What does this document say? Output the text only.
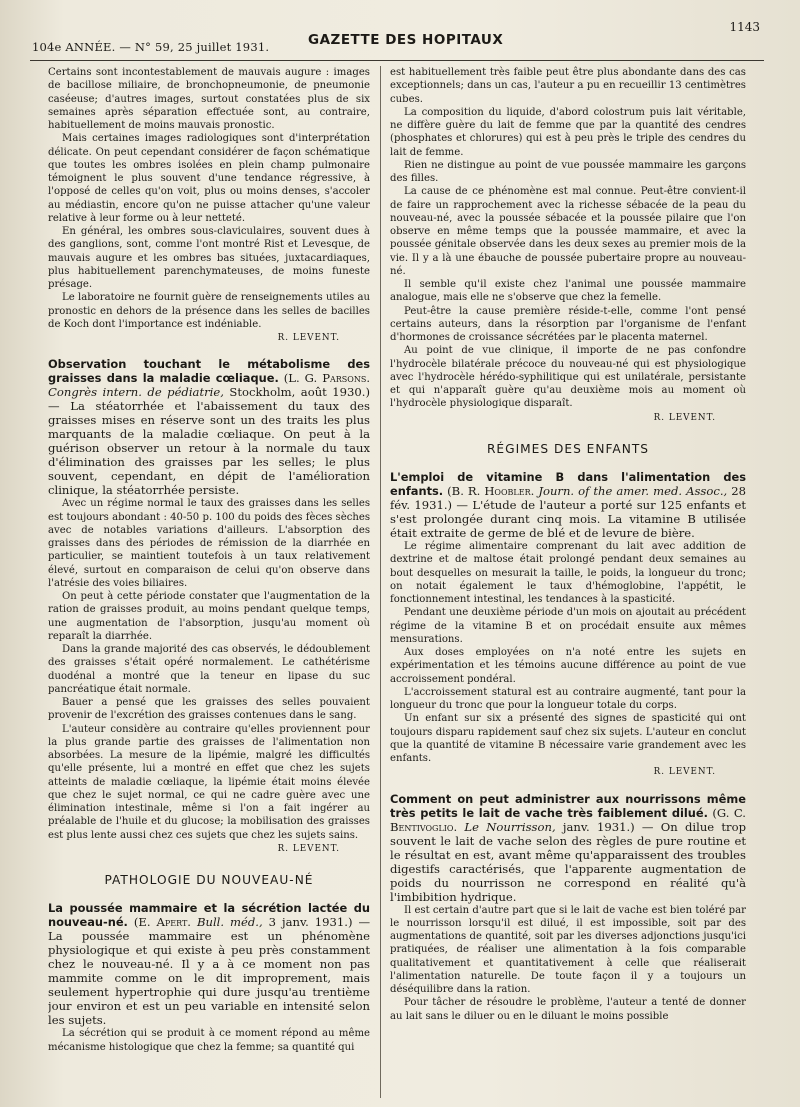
104e ANNÉE. — N° 59, 25 juillet 1931.	GAZETTE DES HOPITAUX
1143

Certains sont incontestablement de mauvais augure : images de bacillose miliaire, de bronchopneumonie, de pneumonie caséeuse; d'autres images, surtout constatées plus de six semaines après séparation effectuée sont, au contraire, habituellement de moins mauvais pronostic.

Mais certaines images radiologiques sont d'interprétation délicate. On peut cependant considérer de façon schématique que toutes les ombres isolées en plein champ pulmonaire témoignent le plus souvent d'une tendance régressive, à l'opposé de celles qu'on voit, plus ou moins denses, s'accoler au médiastin, encore qu'on ne puisse attacher qu'une valeur relative à leur forme ou à leur netteté.

En général, les ombres sous-claviculaires, souvent dues à des ganglions, sont, comme l'ont montré Rist et Levesque, de mauvais augure et les ombres bas situées, juxtacardiaques, plus habituellement parenchymateuses, de moins funeste présage.

Le laboratoire ne fournit guère de renseignements utiles au pronostic en dehors de la présence dans les selles de bacilles de Koch dont l'importance est indéniable.

R. LEVENT.

Observation touchant le métabolisme des graisses dans la maladie cœliaque. (L. G. Parsons. Congrès intern. de pédiatrie, Stockholm, août 1930.) — La stéatorrhée et l'abaissement du taux des graisses mises en réserve sont un des traits les plus marquants de la maladie cœliaque. On peut à la guérison observer un retour à la normale du taux d'élimination des graisses par les selles; le plus souvent, cependant, en dépit de l'amélioration clinique, la stéatorrhée persiste.

Avec un régime normal le taux des graisses dans les selles est toujours abondant : 40-50 p. 100 du poids des fèces sèches avec de notables variations d'ailleurs. L'absorption des graisses dans des périodes de rémission de la diarrhée en particulier, se maintient toutefois à un taux relativement élevé, surtout en comparaison de celui qu'on observe dans l'atrésie des voies biliaires.

On peut à cette période constater que l'augmentation de la ration de graisses produit, au moins pendant quelque temps, une augmentation de l'absorption, jusqu'au moment où reparaît la diarrhée.

Dans la grande majorité des cas observés, le dédoublement des graisses s'était opéré normalement. Le cathétérisme duodénal a montré que la teneur en lipase du suc pancréatique était normale.

Bauer a pensé que les graisses des selles pouvaient provenir de l'excrétion des graisses contenues dans le sang.

L'auteur considère au contraire qu'elles proviennent pour la plus grande partie des graisses de l'alimentation non absorbées. La mesure de la lipémie, malgré les difficultés qu'elle présente, lui a montré en effet que chez les sujets atteints de maladie cœliaque, la lipémie était moins élevée que chez le sujet normal, ce qui ne cadre guère avec une élimination intestinale, même si l'on a fait ingérer au préalable de l'huile et du glucose; la mobilisation des graisses est plus lente aussi chez ces sujets que chez les sujets sains.

R. LEVENT.
PATHOLOGIE DU NOUVEAU-NÉ

La poussée mammaire et la sécrétion lactée du nouveau-né. (E. Apert. Bull. méd., 3 janv. 1931.) — La poussée mammaire est un phénomène physiologique et qui existe à peu près constamment chez le nouveau-né. Il y a à ce moment non pas mammite comme on le dit improprement, mais seulement hypertrophie qui dure jusqu'au trentième jour environ et est un peu variable en intensité selon les sujets.

La sécrétion qui se produit à ce moment répond au même mécanisme histologique que chez la femme; sa quantité qui

est habituellement très faible peut être plus abondante dans des cas exceptionnels; dans un cas, l'auteur a pu en recueillir 13 centimètres cubes.

La composition du liquide, d'abord colostrum puis lait véritable, ne diffère guère du lait de femme que par la quantité des cendres (phosphates et chlorures) qui est à peu près le triple des cendres du lait de femme.

Rien ne distingue au point de vue poussée mammaire les garçons des filles.

La cause de ce phénomène est mal connue. Peut-être convient-il de faire un rapprochement avec la richesse sébacée de la peau du nouveau-né, avec la poussée sébacée et la poussée pilaire que l'on observe en même temps que la poussée mammaire, et avec la poussée génitale observée dans les deux sexes au premier mois de la vie. Il y a là une ébauche de poussée pubertaire propre au nouveau-né.

Il semble qu'il existe chez l'animal une poussée mammaire analogue, mais elle ne s'observe que chez la femelle.

Peut-être la cause première réside-t-elle, comme l'ont pensé certains auteurs, dans la résorption par l'organisme de l'enfant d'hormones de croissance sécrétées par le placenta maternel.

Au point de vue clinique, il importe de ne pas confondre l'hydrocèle bilatérale précoce du nouveau-né qui est physiologique avec l'hydrocèle hérédo-syphilitique qui est unilatérale, persistante et qui n'apparaît guère qu'au deuxième mois au moment où l'hydrocèle physiologique disparaît.

R. LEVENT.
RÉGIMES DES ENFANTS

L'emploi de vitamine B dans l'alimentation des enfants. (B. R. Hoobler. Journ. of the amer. med. Assoc., 28 fév. 1931.) — L'étude de l'auteur a porté sur 125 enfants et s'est prolongée durant cinq mois. La vitamine B utilisée était extraite de germe de blé et de levure de bière.

Le régime alimentaire comprenant du lait avec addition de dextrine et de maltose était prolongé pendant deux semaines au bout desquelles on mesurait la taille, le poids, la longueur du tronc; on notait également le taux d'hémoglobine, l'appétit, le fonctionnement intestinal, les tendances à la spasticité.

Pendant une deuxième période d'un mois on ajoutait au précédent régime de la vitamine B et on procédait ensuite aux mêmes mensurations.

Aux doses employées on n'a noté entre les sujets en expérimentation et les témoins aucune différence au point de vue accroissement pondéral.

L'accroissement statural est au contraire augmenté, tant pour la longueur du tronc que pour la longueur totale du corps.

Un enfant sur six a présenté des signes de spasticité qui ont toujours disparu rapidement sauf chez six sujets. L'auteur en conclut que la quantité de vitamine B nécessaire varie grandement avec les enfants.

R. LEVENT.

Comment on peut administrer aux nourrissons même très petits le lait de vache très faiblement dilué. (G. C. Bentivoglio. Le Nourrisson, janv. 1931.) — On dilue trop souvent le lait de vache selon des règles de pure routine et le résultat en est, avant même qu'apparaissent des troubles digestifs caractérisés, que l'apparente augmentation de poids du nourrisson ne correspond en réalité qu'à l'imbibition hydrique.

Il est certain d'autre part que si le lait de vache est bien toléré par le nourrisson lorsqu'il est dilué, il est impossible, soit par des augmentations de quantité, soit par les diverses adjonctions jusqu'ici pratiquées, de réaliser une alimentation à la fois comparable qualitativement et quantitativement à celle que réaliserait l'alimentation naturelle. De toute façon il y a toujours un déséquilibre dans la ration.

Pour tâcher de résoudre le problème, l'auteur a tenté de donner au lait sans le diluer ou en le diluant le moins possible
